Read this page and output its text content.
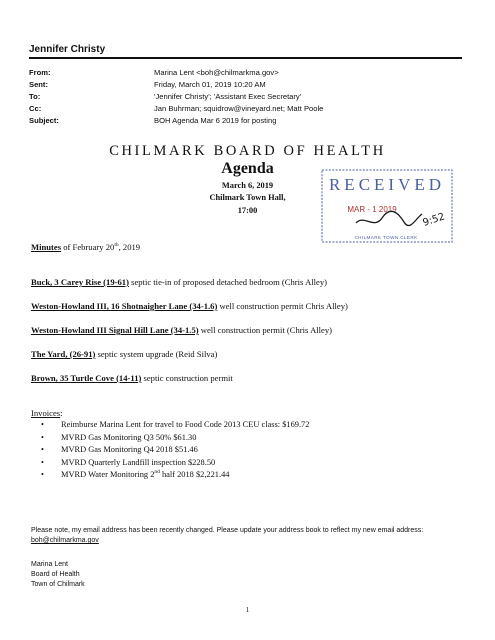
Jennifer Christy
From:	Marina Lent <boh@chilmarkma.gov>
Sent:	Friday, March 01, 2019 10:20 AM
To:	'Jennifer Christy'; 'Assistant Exec Secretary'
Cc:	Jan Buhrman; squidrow@vineyard.net; Matt Poole
Subject:	BOH Agenda Mar 6 2019 for posting
CHILMARK BOARD OF HEALTH
Agenda
March 6, 2019
Chilmark Town Hall,
17:00
RECEIVED
MAR - 1 2019
9:52
CHILMARK TOWN CLERK
Minutes of February 20th, 2019
Buck, 3 Carey Rise (19-61) septic tie-in of proposed detached bedroom (Chris Alley)
Weston-Howland III, 16 Shotnaigher Lane (34-1.6) well construction permit Chris Alley)
Weston-Howland III Signal Hill Lane (34-1.5) well construction permit (Chris Alley)
The Yard, (26-91) septic system upgrade (Reid Silva)
Brown, 35 Turtle Cove (14-11) septic construction permit
Invoices:
• Reimburse Marina Lent for travel to Food Code 2013 CEU class: $169.72
• MVRD Gas Monitoring Q3 50% $61.30
• MVRD Gas Monitoring Q4 2018 $51.46
• MVRD Quarterly Landfill inspection $228.50
• MVRD Water Monitoring 2nd half 2018 $2,221.44
Please note, my email address has been recently changed. Please update your address book to reflect my new email address:
boh@chilmarkma.gov
Marina Lent
Board of Health
Town of Chilmark
1
